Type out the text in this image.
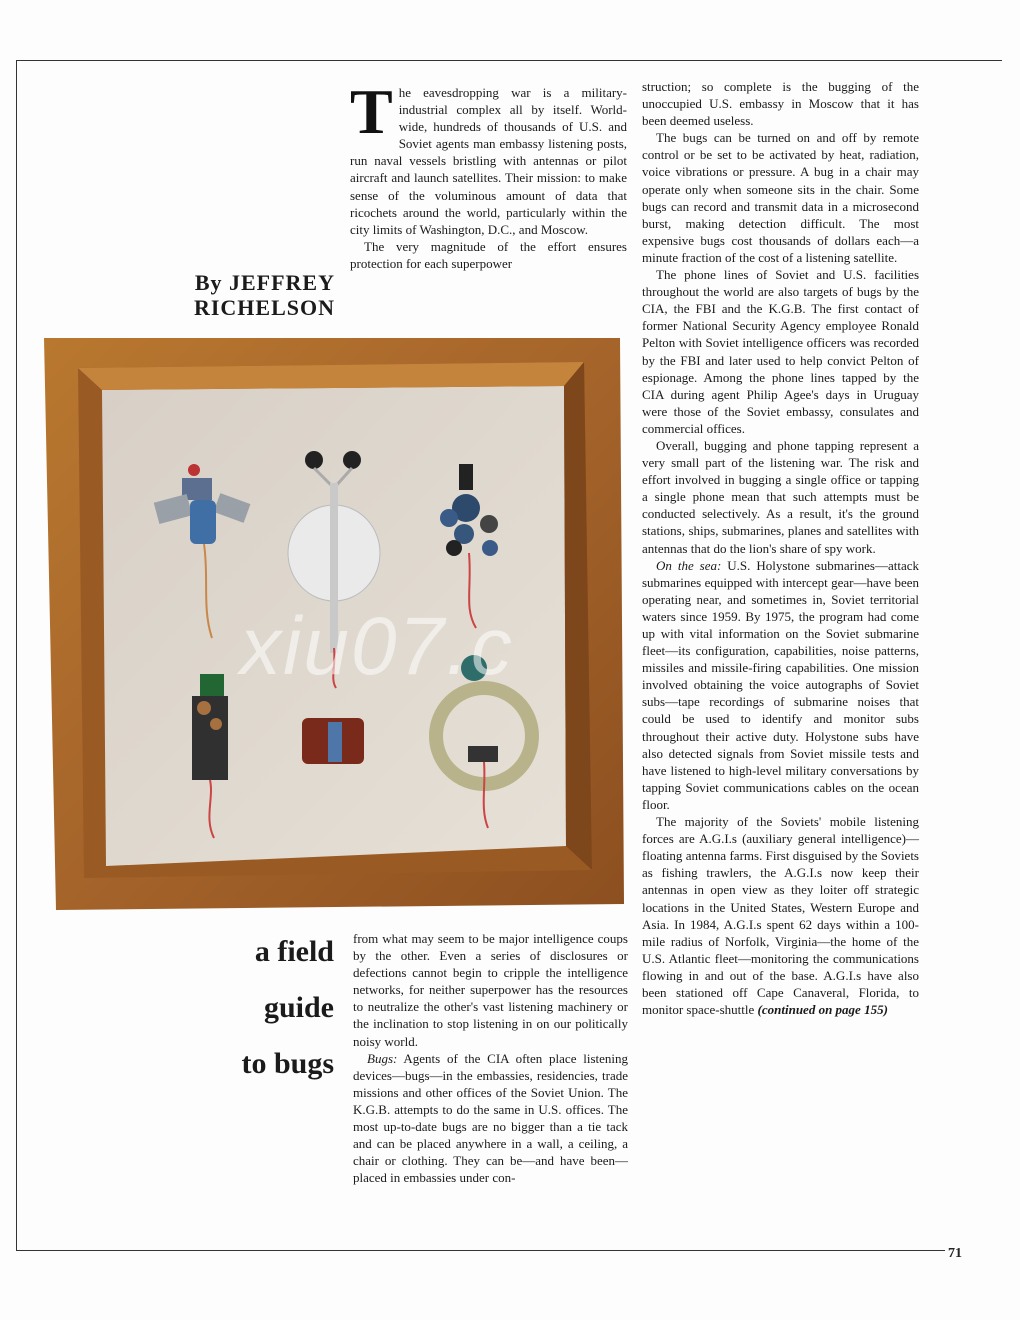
The eavesdropping war is a military-industrial complex all by itself. World-wide, hundreds of thousands of U.S. and Soviet agents man embassy listening posts, run naval vessels bristling with antennas or pilot aircraft and launch satellites. Their mission: to make sense of the voluminous amount of data that ricochets around the world, particularly within the city limits of Washington, D.C., and Moscow.

The very magnitude of the effort ensures protection for each superpower

By JEFFREY
RICHELSON
xiu07.c
a field
guide
to bugs

from what may seem to be major intelligence coups by the other. Even a series of disclosures or defections cannot begin to cripple the intelligence networks, for neither superpower has the resources to neutralize the other's vast listening machinery or the inclination to stop listening in on our politically noisy world.

Bugs: Agents of the CIA often place listening devices—bugs—in the embassies, residencies, trade missions and other offices of the Soviet Union. The K.G.B. attempts to do the same in U.S. offices. The most up-to-date bugs are no bigger than a tie tack and can be placed anywhere in a wall, a ceiling, a chair or clothing. They can be—and have been—placed in embassies under con-

struction; so complete is the bugging of the unoccupied U.S. embassy in Moscow that it has been deemed useless.

The bugs can be turned on and off by remote control or be set to be activated by heat, radiation, voice vibrations or pressure. A bug in a chair may operate only when someone sits in the chair. Some bugs can record and transmit data in a microsecond burst, making detection difficult. The most expensive bugs cost thousands of dollars each—a minute fraction of the cost of a listening satellite.

The phone lines of Soviet and U.S. facilities throughout the world are also targets of bugs by the CIA, the FBI and the K.G.B. The first contact of former National Security Agency employee Ronald Pelton with Soviet intelligence officers was recorded by the FBI and later used to help convict Pelton of espionage. Among the phone lines tapped by the CIA during agent Philip Agee's days in Uruguay were those of the Soviet embassy, consulates and commercial offices.

Overall, bugging and phone tapping represent a very small part of the listening war. The risk and effort involved in bugging a single office or tapping a single phone mean that such attempts must be conducted selectively. As a result, it's the ground stations, ships, submarines, planes and satellites with antennas that do the lion's share of spy work.

On the sea: U.S. Holystone submarines—attack submarines equipped with intercept gear—have been operating near, and sometimes in, Soviet territorial waters since 1959. By 1975, the program had come up with vital information on the Soviet submarine fleet—its configuration, capabilities, noise patterns, missiles and missile-firing capabilities. One mission involved obtaining the voice autographs of Soviet subs—tape recordings of submarine noises that could be used to identify and monitor subs throughout their active duty. Holystone subs have also detected signals from Soviet missile tests and have listened to high-level military conversations by tapping Soviet communications cables on the ocean floor.

The majority of the Soviets' mobile listening forces are A.G.I.s (auxiliary general intelligence)—floating antenna farms. First disguised by the Soviets as fishing trawlers, the A.G.I.s now keep their antennas in open view as they loiter off strategic locations in the United States, Western Europe and Asia. In 1984, A.G.I.s spent 62 days within a 100-mile radius of Norfolk, Virginia—the home of the U.S. Atlantic fleet—monitoring the communications flowing in and out of the base. A.G.I.s have also been stationed off Cape Canaveral, Florida, to monitor space-shuttle (continued on page 155)

71
